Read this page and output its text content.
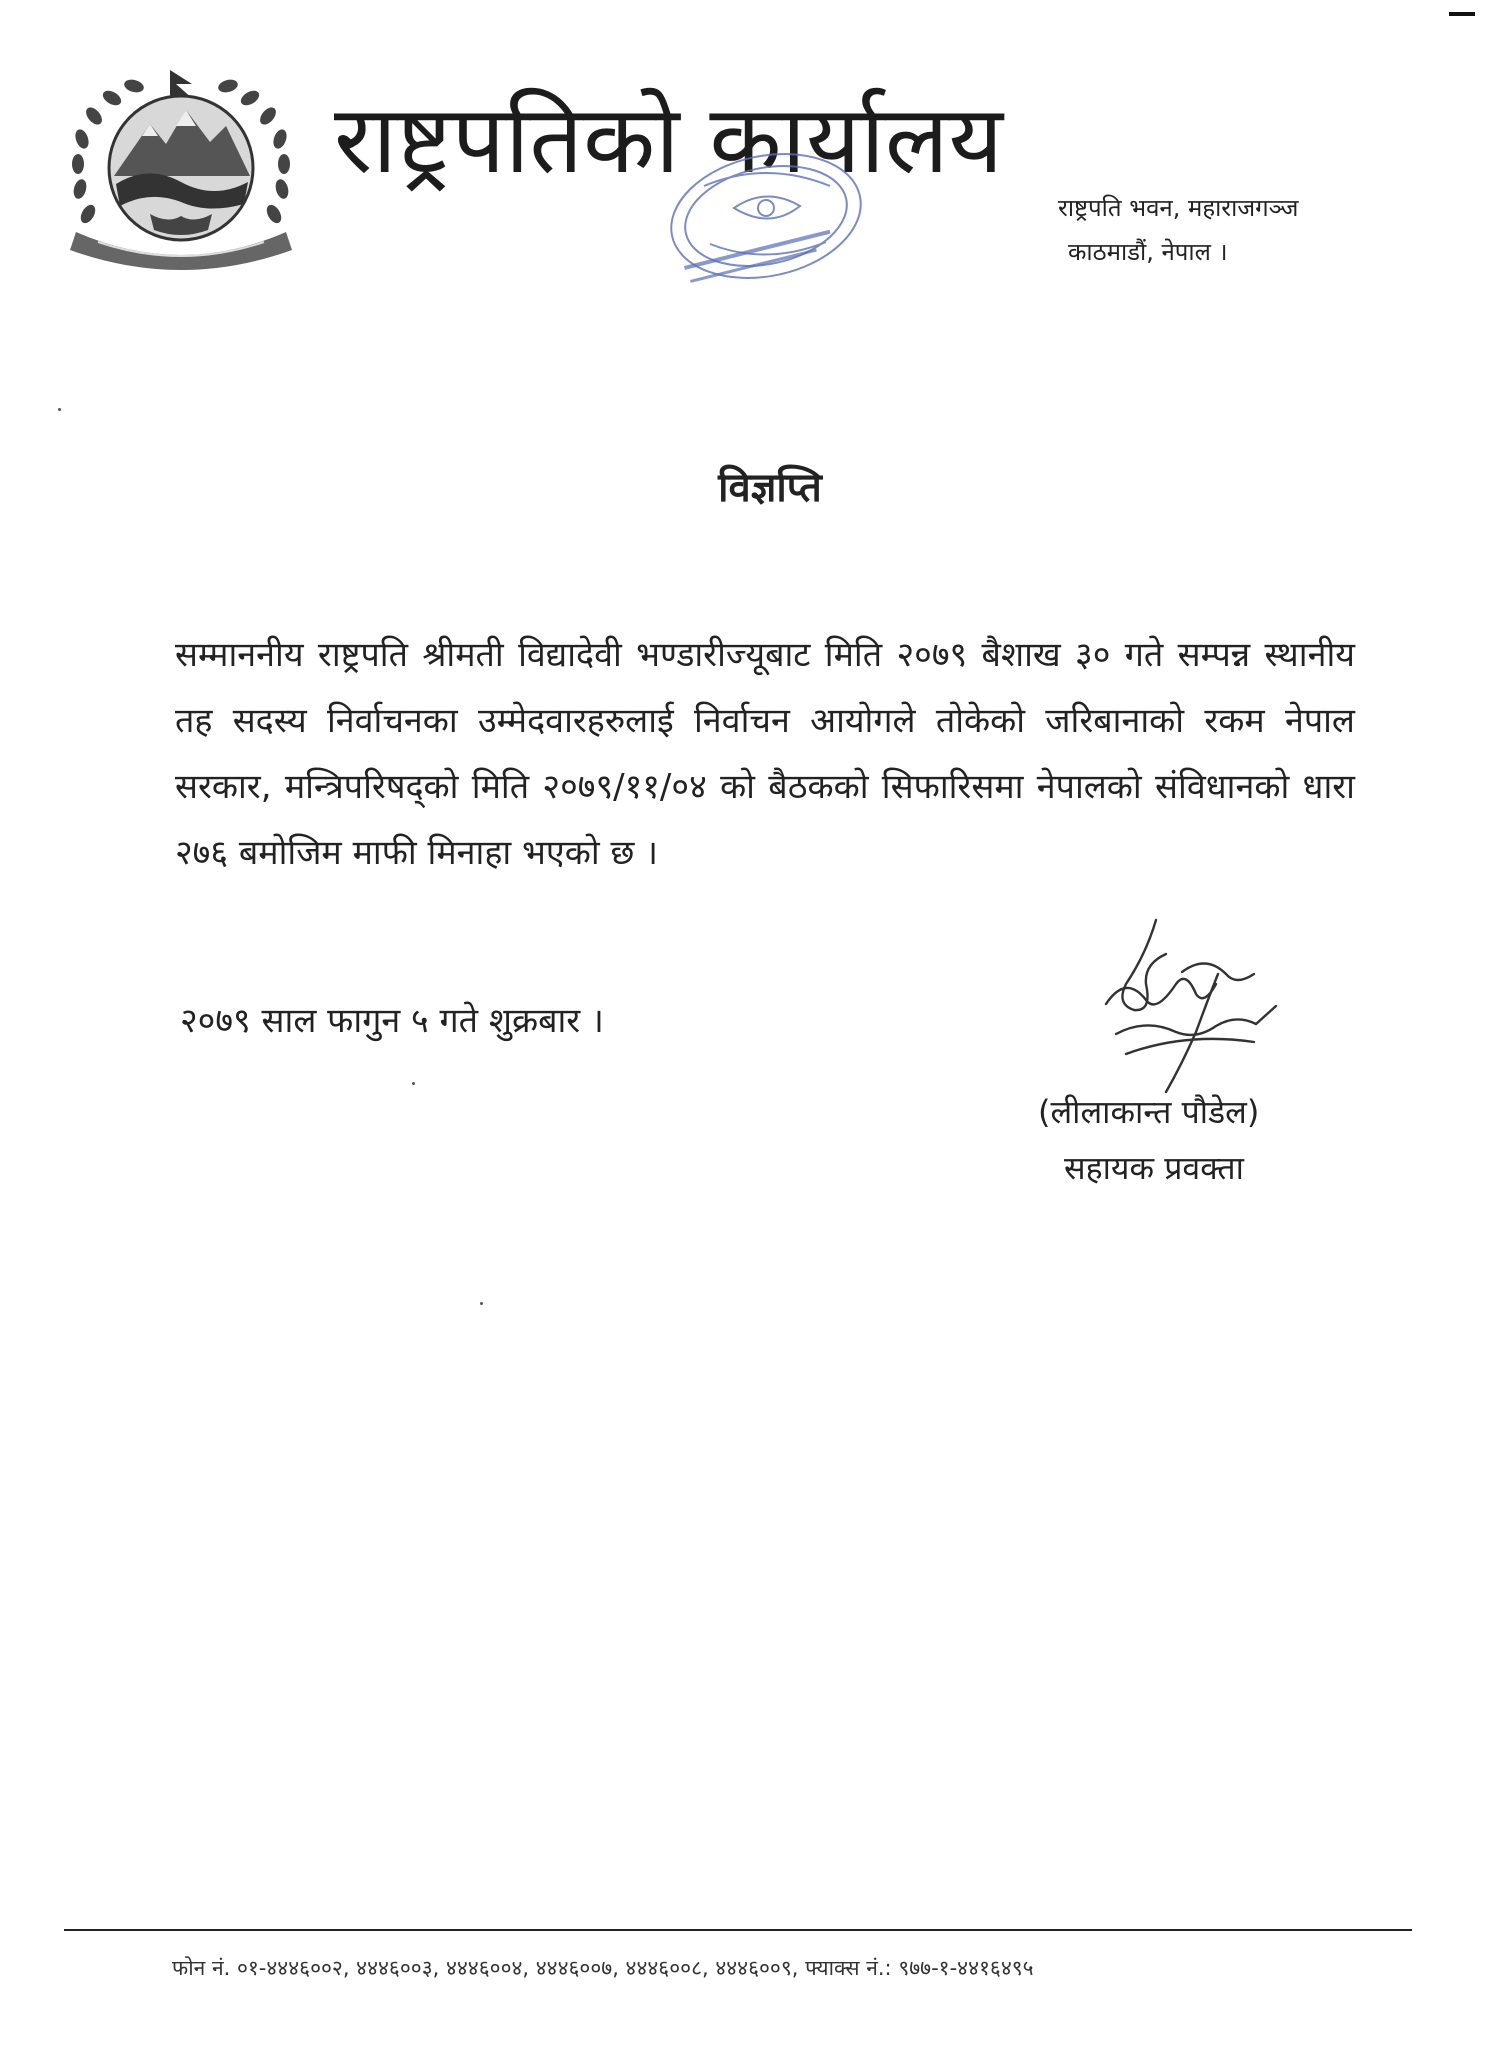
राष्ट्रपतिको कार्यालय
राष्ट्रपति भवन, महाराजगञ्ज
काठमाडौं, नेपाल ।
विज्ञप्ति
सम्माननीय राष्ट्रपति श्रीमती विद्यादेवी भण्डारीज्यूबाट मिति २०७९ बैशाख ३० गते सम्पन्न स्थानीय तह सदस्य निर्वाचनका उम्मेदवारहरुलाई निर्वाचन आयोगले तोकेको जरिबानाको रकम नेपाल सरकार, मन्त्रिपरिषद्को मिति २०७९/११/०४ को बैठकको सिफारिसमा नेपालको संविधानको धारा २७६ बमोजिम माफी मिनाहा भएको छ ।
२०७९ साल फागुन ५ गते शुक्रबार ।
(लीलाकान्त पौडेल)
सहायक प्रवक्ता
फोन नं. ०१-४४४६००२, ४४४६००३, ४४४६००४, ४४४६००७, ४४४६००८, ४४४६००९, फ्याक्स नं.: ९७७-१-४४१६४९५
